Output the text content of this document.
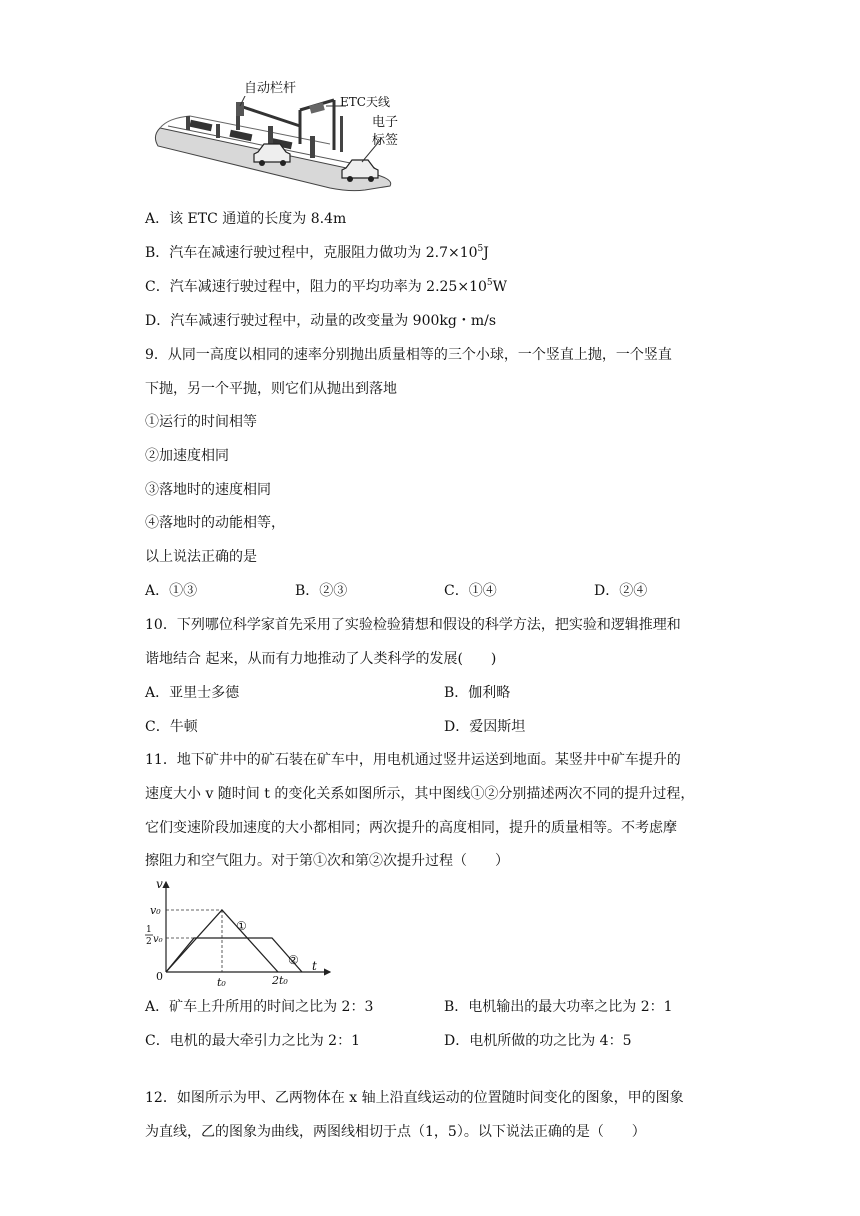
自动栏杆
ETC天线
电子
标签
A．该 ETC 通道的长度为 8.4m
B．汽车在减速行驶过程中，克服阻力做功为 $2.7\times 10^5J$
C．汽车减速行驶过程中，阻力的平均功率为 $2.25\times 10^5W$
D．汽车减速行驶过程中，动量的改变量为 900kg・m/s
9．从同一高度以相同的速率分别抛出质量相等的三个小球，一个竖直上抛，一个竖直
下抛，另一个平抛，则它们从抛出到落地
①运行的时间相等
②加速度相同
③落地时的速度相同
④落地时的动能相等，
以上说法正确的是
A．①③	B．②③	C．①④	D．②④
10．下列哪位科学家首先采用了实验检验猜想和假设的科学方法，把实验和逻辑推理和
谐地结合 起来，从而有力地推动了人类科学的发展(　　)
A．亚里士多德	B．伽利略
C．牛顿	D．爱因斯坦
11．地下矿井中的矿石装在矿车中，用电机通过竖井运送到地面。某竖井中矿车提升的
速度大小 v 随时间 t 的变化关系如图所示，其中图线①②分别描述两次不同的提升过程，
它们变速阶段加速度的大小都相同；两次提升的高度相同，提升的质量相等。不考虑摩
擦阻力和空气阻力。对于第①次和第②次提升过程（　　）
v
t
0
v₀
1
2 v₀
t₀	2t₀
①
②
A．矿车上升所用的时间之比为 2：3	B．电机输出的最大功率之比为 2：1
C．电机的最大牵引力之比为 2：1	D．电机所做的功之比为 4：5
12．如图所示为甲、乙两物体在 x 轴上沿直线运动的位置随时间变化的图象，甲的图象
为直线，乙的图象为曲线，两图线相切于点（1，5）。以下说法正确的是（　　）
